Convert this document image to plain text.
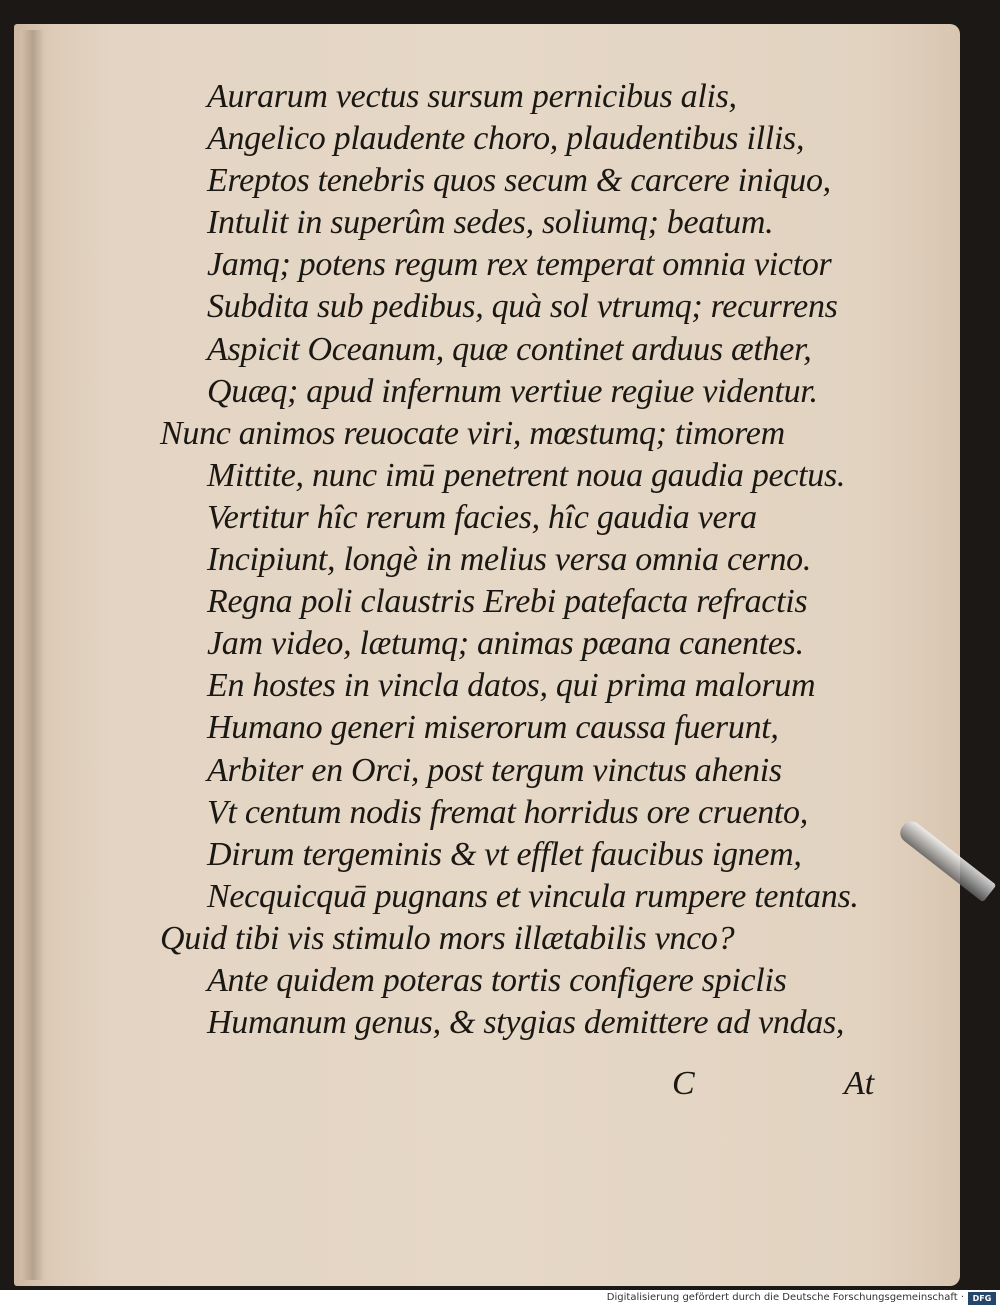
Aurarum vectus sursum pernicibus alis,
Angelico plaudente choro, plaudentibus illis,
Ereptos tenebris quos secum & carcere iniquo,
Intulit in superûm sedes, soliumq; beatum.
Jamq; potens regum rex temperat omnia victor
Subdita sub pedibus, quà sol vtrumq; recurrens
Aspicit Oceanum, quæ continet arduus æther,
Quæq; apud infernum vertiue regiue videntur.
Nunc animos reuocate viri, mœstumq; timorem
Mittite, nunc imū penetrent noua gaudia pectus.
Vertitur hîc rerum facies, hîc gaudia vera
Incipiunt, longè in melius versa omnia cerno.
Regna poli claustris Erebi patefacta refractis
Jam video, lætumq; animas pæana canentes.
En hostes in vincla datos, qui prima malorum
Humano generi miserorum caussa fuerunt,
Arbiter en Orci, post tergum vinctus ahenis
Vt centum nodis fremat horridus ore cruento,
Dirum tergeminis & vt efflet faucibus ignem,
Necquicquā pugnans et vincula rumpere tentans.
Quid tibi vis stimulo mors illætabilis vnco?
Ante quidem poteras tortis configere spiclis
Humanum genus, & stygias demittere ad vndas,
C	At
Digitalisierung gefördert durch die Deutsche Forschungsgemeinschaft ·	DFG
